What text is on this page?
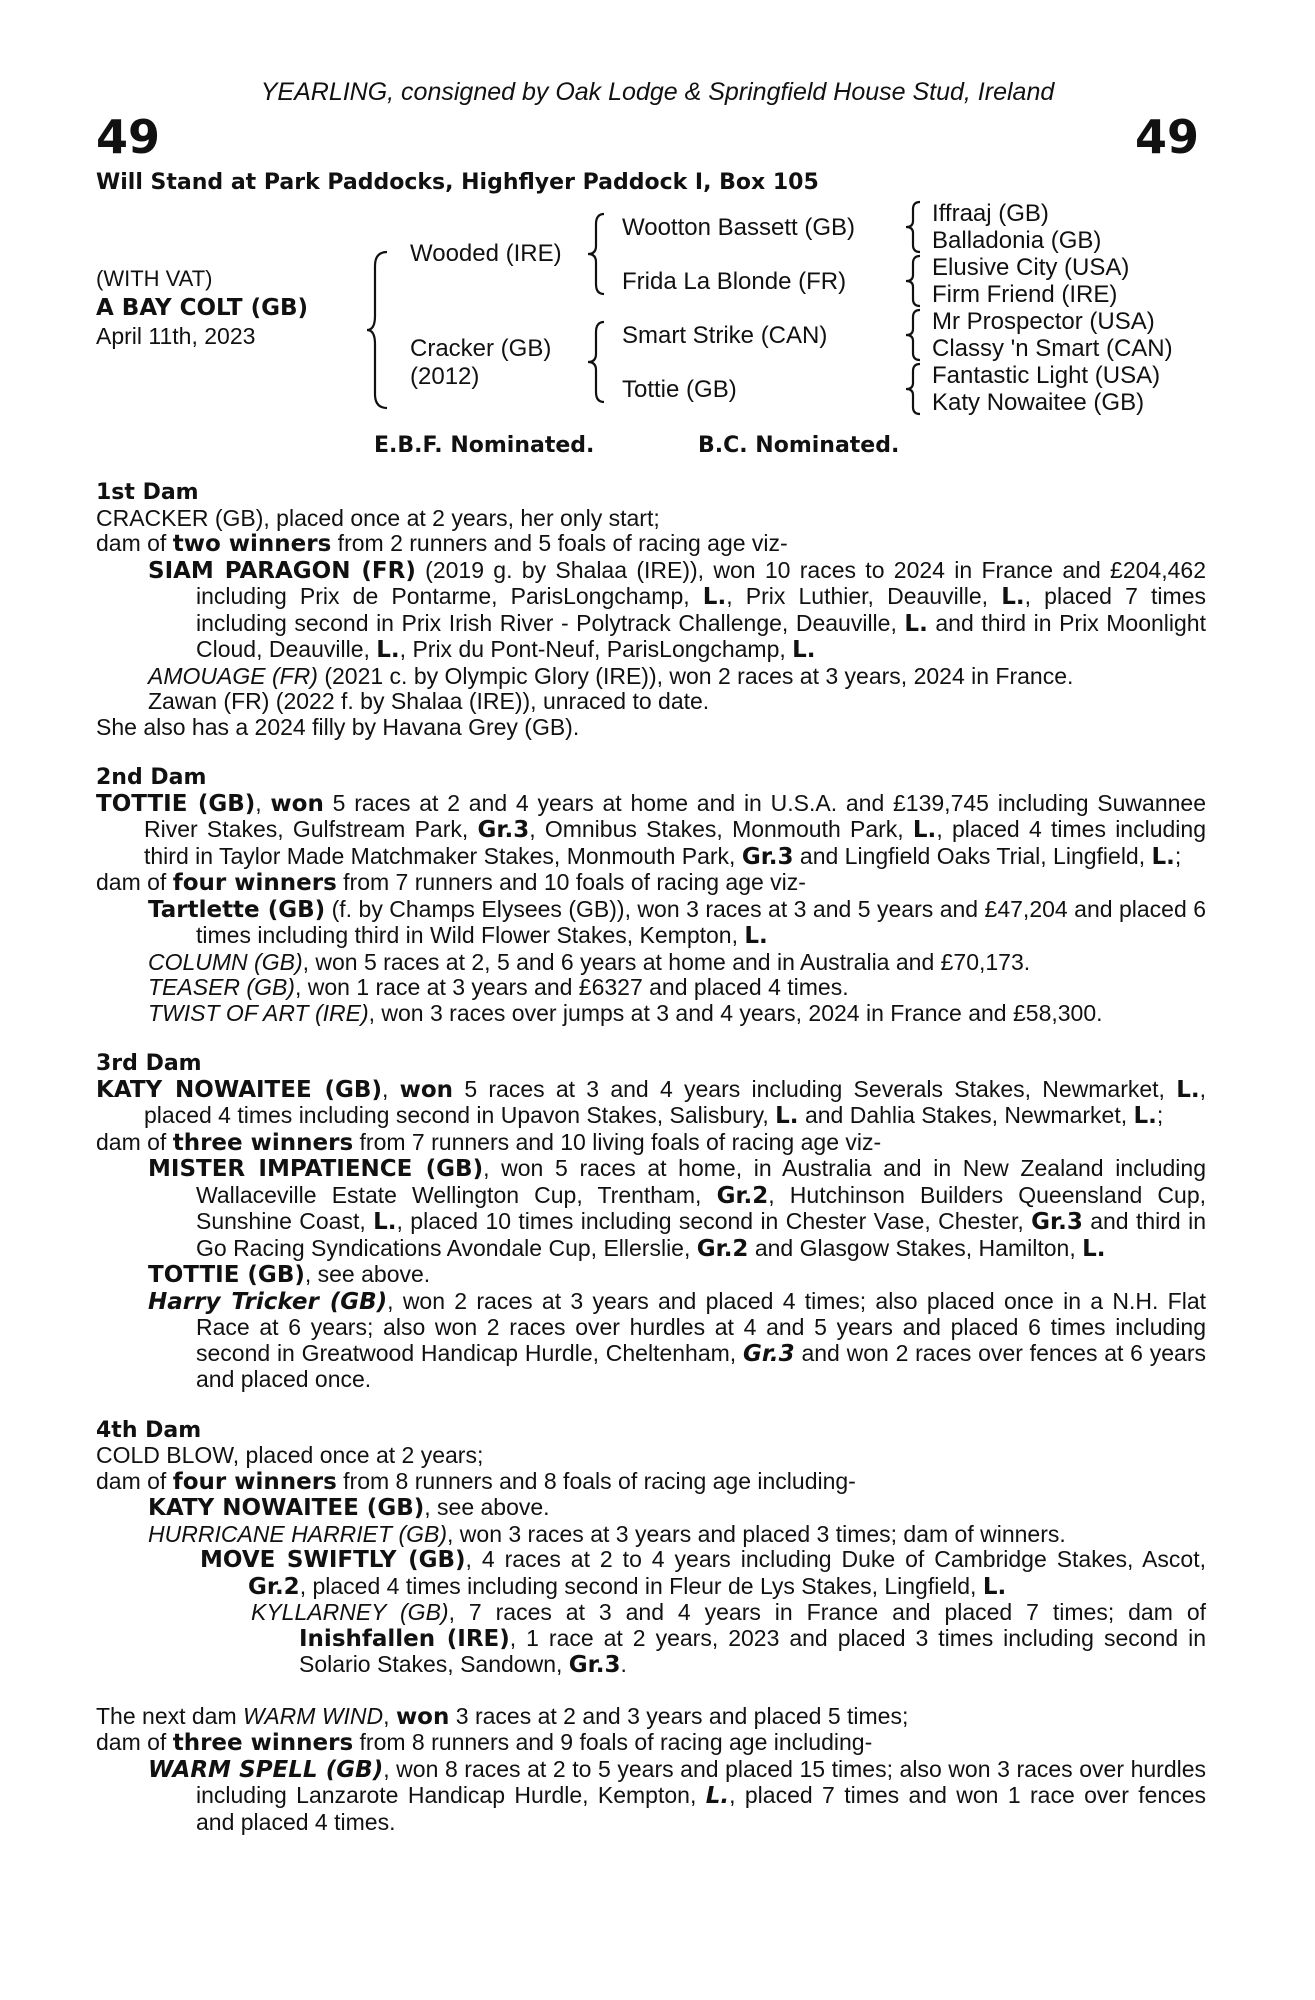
YEARLING, consigned by Oak Lodge & Springfield House Stud, Ireland
49	49
Will Stand at Park Paddocks, Highflyer Paddock I, Box 105
(WITH VAT)
A BAY COLT (GB)
April 11th, 2023
Wooded (IRE)
Cracker (GB)
(2012)
Wootton Bassett (GB)
Frida La Blonde (FR)
Smart Strike (CAN)
Tottie (GB)
Iffraaj (GB)
Balladonia (GB)
Elusive City (USA)
Firm Friend (IRE)
Mr Prospector (USA)
Classy 'n Smart (CAN)
Fantastic Light (USA)
Katy Nowaitee (GB)
E.B.F. Nominated.	B.C. Nominated.

1st Dam

CRACKER (GB), placed once at 2 years, her only start;

dam of two winners from 2 runners and 5 foals of racing age viz-

SIAM PARAGON (FR) (2019 g. by Shalaa (IRE)), won 10 races to 2024 in France and £204,462 including Prix de Pontarme, ParisLongchamp, L., Prix Luthier, Deauville, L., placed 7 times including second in Prix Irish River - Polytrack Challenge, Deauville, L. and third in Prix Moonlight Cloud, Deauville, L., Prix du Pont-Neuf, ParisLongchamp, L.

AMOUAGE (FR) (2021 c. by Olympic Glory (IRE)), won 2 races at 3 years, 2024 in France.

Zawan (FR) (2022 f. by Shalaa (IRE)), unraced to date.

She also has a 2024 filly by Havana Grey (GB).

2nd Dam

TOTTIE (GB), won 5 races at 2 and 4 years at home and in U.S.A. and £139,745 including Suwannee River Stakes, Gulfstream Park, Gr.3, Omnibus Stakes, Monmouth Park, L., placed 4 times including third in Taylor Made Matchmaker Stakes, Monmouth Park, Gr.3 and Lingfield Oaks Trial, Lingfield, L.;

dam of four winners from 7 runners and 10 foals of racing age viz-

Tartlette (GB) (f. by Champs Elysees (GB)), won 3 races at 3 and 5 years and £47,204 and placed 6 times including third in Wild Flower Stakes, Kempton, L.

COLUMN (GB), won 5 races at 2, 5 and 6 years at home and in Australia and £70,173.

TEASER (GB), won 1 race at 3 years and £6327 and placed 4 times.

TWIST OF ART (IRE), won 3 races over jumps at 3 and 4 years, 2024 in France and £58,300.

3rd Dam

KATY NOWAITEE (GB), won 5 races at 3 and 4 years including Severals Stakes, Newmarket, L., placed 4 times including second in Upavon Stakes, Salisbury, L. and Dahlia Stakes, Newmarket, L.;

dam of three winners from 7 runners and 10 living foals of racing age viz-

MISTER IMPATIENCE (GB), won 5 races at home, in Australia and in New Zealand including Wallaceville Estate Wellington Cup, Trentham, Gr.2, Hutchinson Builders Queensland Cup, Sunshine Coast, L., placed 10 times including second in Chester Vase, Chester, Gr.3 and third in Go Racing Syndications Avondale Cup, Ellerslie, Gr.2 and Glasgow Stakes, Hamilton, L.

TOTTIE (GB), see above.

Harry Tricker (GB), won 2 races at 3 years and placed 4 times; also placed once in a N.H. Flat Race at 6 years; also won 2 races over hurdles at 4 and 5 years and placed 6 times including second in Greatwood Handicap Hurdle, Cheltenham, Gr.3 and won 2 races over fences at 6 years and placed once.

4th Dam

COLD BLOW, placed once at 2 years;

dam of four winners from 8 runners and 8 foals of racing age including-

KATY NOWAITEE (GB), see above.

HURRICANE HARRIET (GB), won 3 races at 3 years and placed 3 times; dam of winners.

MOVE SWIFTLY (GB), 4 races at 2 to 4 years including Duke of Cambridge Stakes, Ascot, Gr.2, placed 4 times including second in Fleur de Lys Stakes, Lingfield, L.

KYLLARNEY (GB), 7 races at 3 and 4 years in France and placed 7 times; dam of Inishfallen (IRE), 1 race at 2 years, 2023 and placed 3 times including second in Solario Stakes, Sandown, Gr.3.

The next dam WARM WIND, won 3 races at 2 and 3 years and placed 5 times;

dam of three winners from 8 runners and 9 foals of racing age including-

WARM SPELL (GB), won 8 races at 2 to 5 years and placed 15 times; also won 3 races over hurdles including Lanzarote Handicap Hurdle, Kempton, L., placed 7 times and won 1 race over fences and placed 4 times.
